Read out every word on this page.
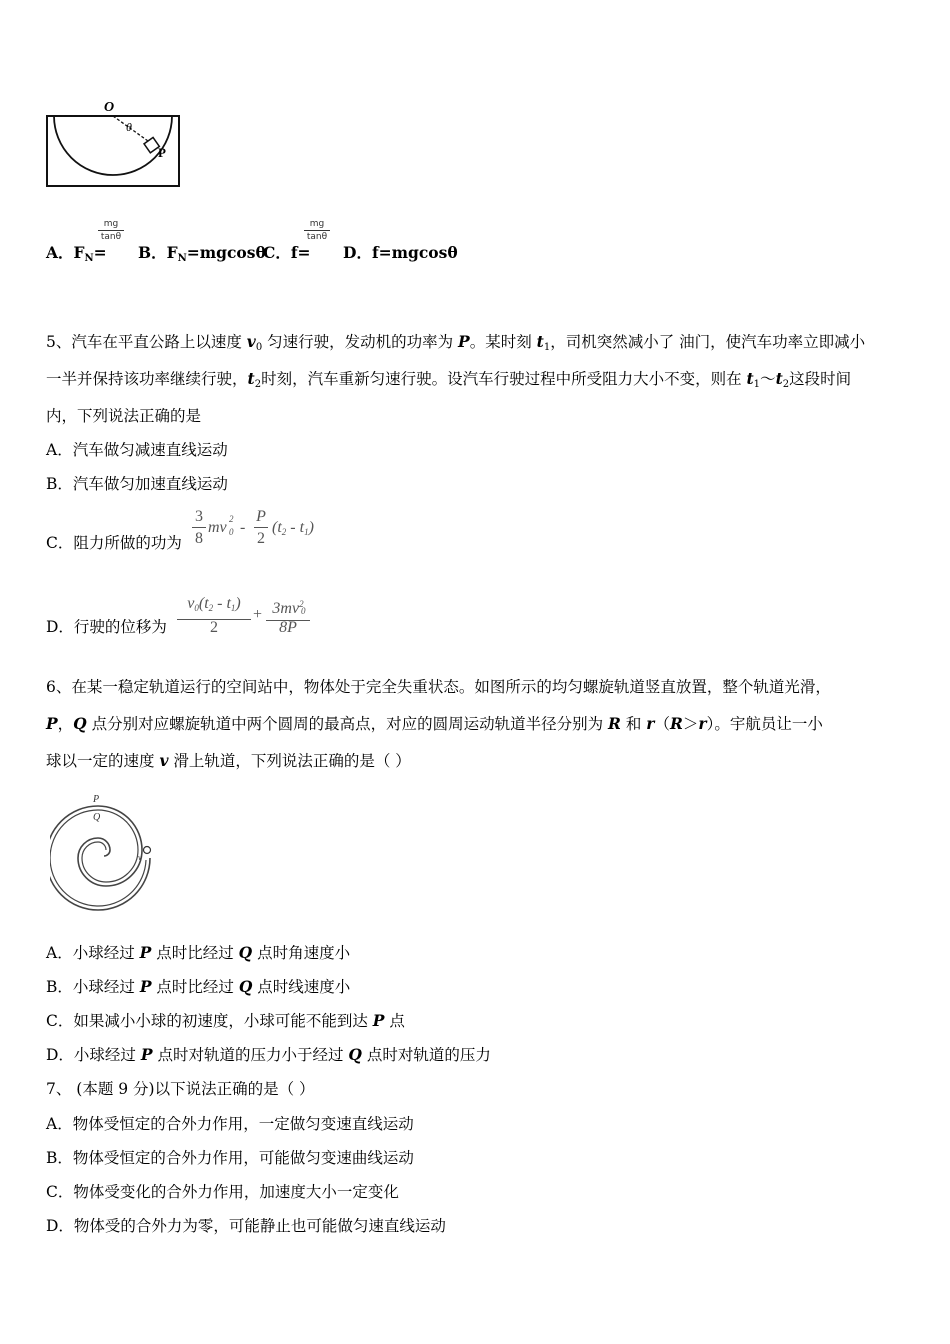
O
θ
P
A．$F_N=$
mg
tanθ
B．$F_N=mgcos\theta$
C．f=
mg
tanθ
D．f=mgcosθ
5、汽车在平直公路上以速度 $v_0$ 匀速行驶，发动机的功率为 P。某时刻 $t_1$，司机突然减小了 油门，使汽车功率立即减小
一半并保持该功率继续行驶，$t_2$时刻，汽车重新匀速行驶。设汽车行驶过程中所受阻力大小不变，则在 $t_1\sim t_2$这段时间
内，下列说法正确的是
A．汽车做匀减速直线运动
B．汽车做匀加速直线运动
C．阻力所做的功为
3
8
mv 2
0 -
P
2
(t2 - t1)
D．行驶的位移为
v0(t2 - t1)
2
+ $3mv^2$
0
8P
6、在某一稳定轨道运行的空间站中，物体处于完全失重状态。如图所示的均匀螺旋轨道竖直放置，整个轨道光滑，
P，Q 点分别对应螺旋轨道中两个圆周的最高点，对应的圆周运动轨道半径分别为 R 和 r（R＞r）。宇航员让一小
球以一定的速度 v 滑上轨道，下列说法正确的是（ ）
v
P
Q
A．小球经过 P 点时比经过 Q 点时角速度小
B．小球经过 P 点时比经过 Q 点时线速度小
C．如果减小小球的初速度，小球可能不能到达 P 点
D．小球经过 P 点时对轨道的压力小于经过 Q 点时对轨道的压力
7、 (本题 9 分)以下说法正确的是（ ）
A．物体受恒定的合外力作用，一定做匀变速直线运动
B．物体受恒定的合外力作用，可能做匀变速曲线运动
C．物体受变化的合外力作用，加速度大小一定变化
D．物体受的合外力为零，可能静止也可能做匀速直线运动
